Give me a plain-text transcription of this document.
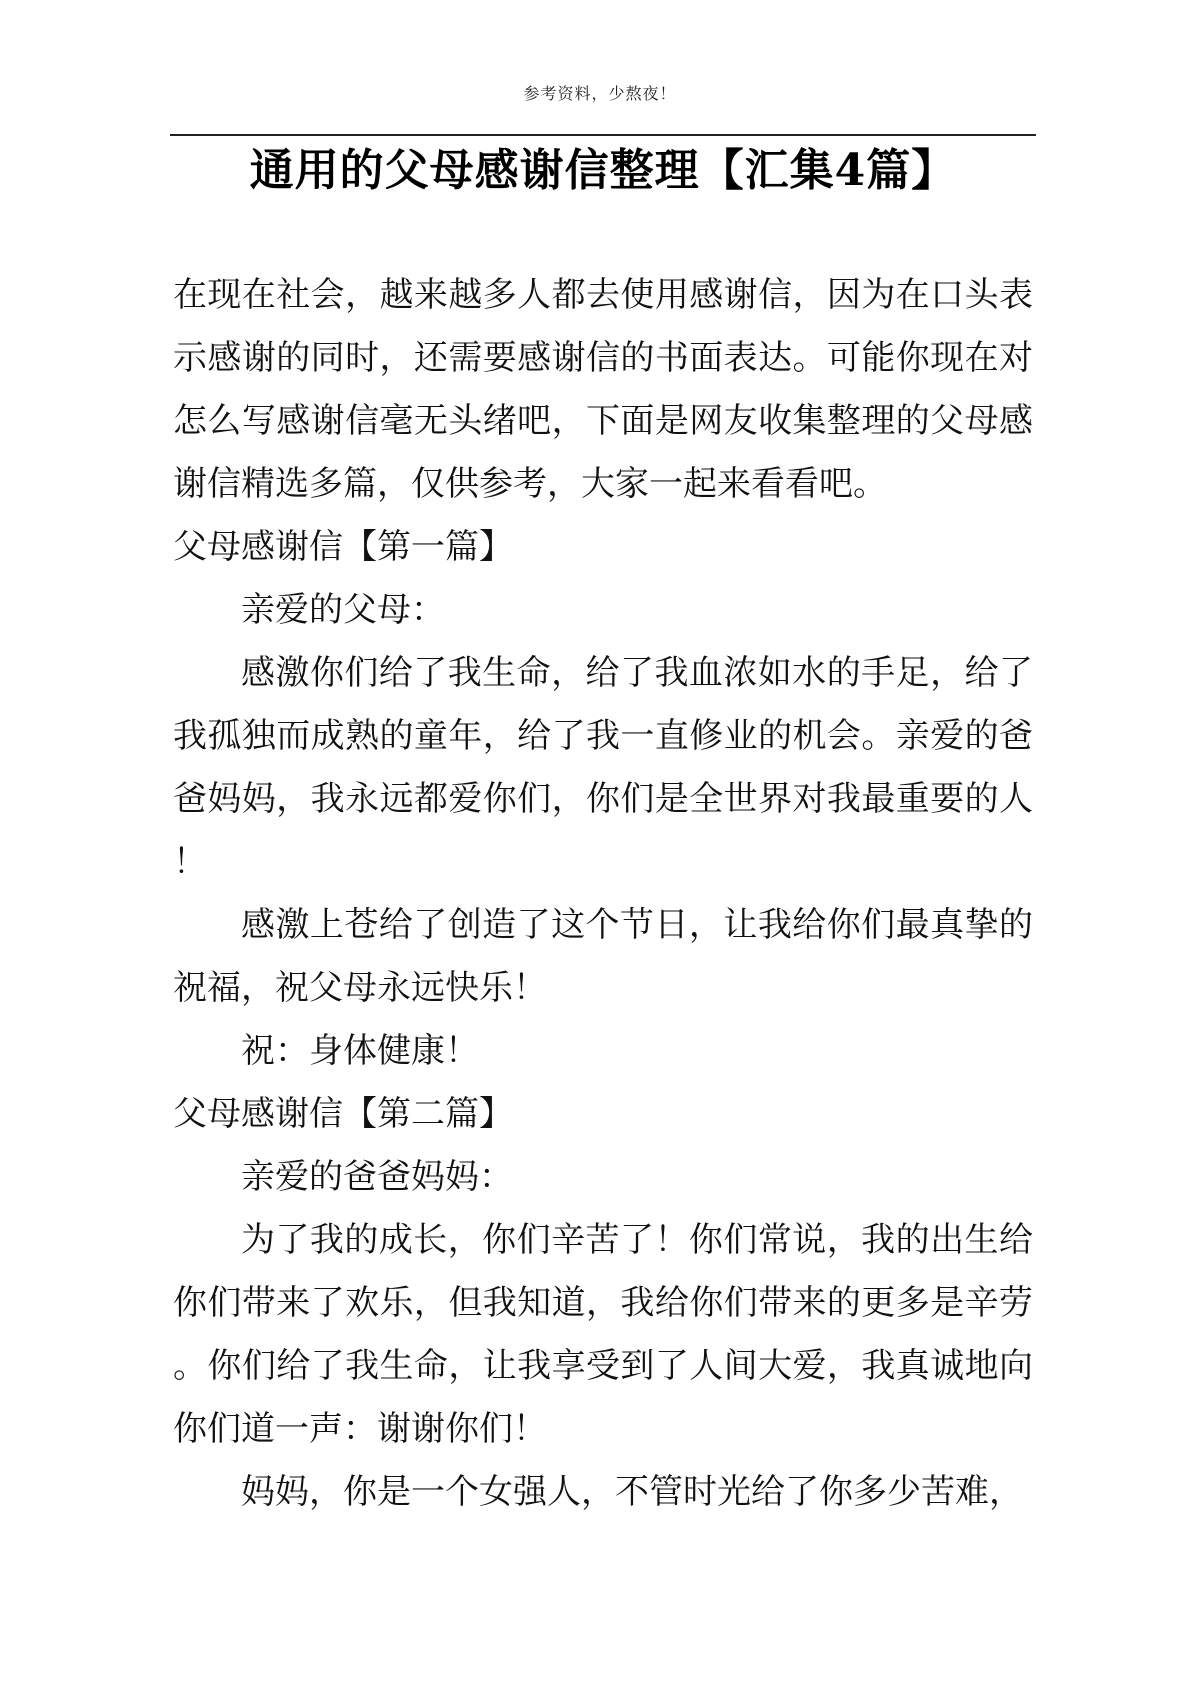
参考资料，少熬夜！
通用的父母感谢信整理【汇集4篇】

在现在社会，越来越多人都去使用感谢信，因为在口头表示感谢的同时，还需要感谢信的书面表达。可能你现在对怎么写感谢信毫无头绪吧，下面是网友收集整理的父母感谢信精选多篇，仅供参考，大家一起来看看吧。

父母感谢信【第一篇】

亲爱的父母：

感激你们给了我生命，给了我血浓如水的手足，给了我孤独而成熟的童年，给了我一直修业的机会。亲爱的爸爸妈妈，我永远都爱你们，你们是全世界对我最重要的人！

感激上苍给了创造了这个节日，让我给你们最真挚的祝福，祝父母永远快乐！

祝：身体健康！

父母感谢信【第二篇】

亲爱的爸爸妈妈：

为了我的成长，你们辛苦了！你们常说，我的出生给你们带来了欢乐，但我知道，我给你们带来的更多是辛劳。你们给了我生命，让我享受到了人间大爱，我真诚地向你们道一声：谢谢你们！

妈妈，你是一个女强人，不管时光给了你多少苦难，
